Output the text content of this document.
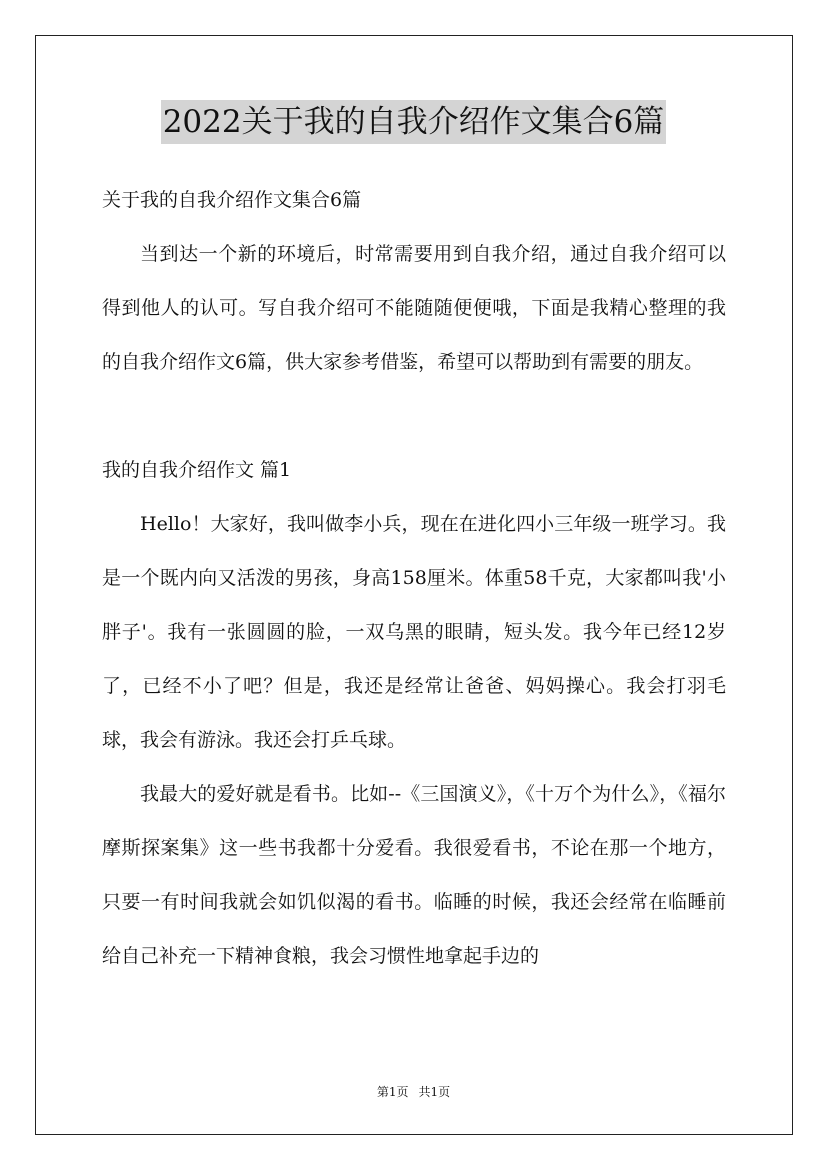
2022关于我的自我介绍作文集合6篇

关于我的自我介绍作文集合6篇

当到达一个新的环境后，时常需要用到自我介绍，通过自我介绍可以得到他人的认可。写自我介绍可不能随随便便哦，下面是我精心整理的我的自我介绍作文6篇，供大家参考借鉴，希望可以帮助到有需要的朋友。

我的自我介绍作文 篇1

Hello！大家好，我叫做李小兵，现在在进化四小三年级一班学习。我是一个既内向又活泼的男孩，身高158厘米。体重58千克，大家都叫我'小胖子'。我有一张圆圆的脸，一双乌黑的眼睛，短头发。我今年已经12岁了，已经不小了吧？但是，我还是经常让爸爸、妈妈操心。我会打羽毛球，我会有游泳。我还会打乒乓球。

我最大的爱好就是看书。比如--《三国演义》，《十万个为什么》，《福尔摩斯探案集》这一些书我都十分爱看。我很爱看书，不论在那一个地方，只要一有时间我就会如饥似渴的看书。临睡的时候，我还会经常在临睡前给自己补充一下精神食粮，我会习惯性地拿起手边的

第1页 共1页
